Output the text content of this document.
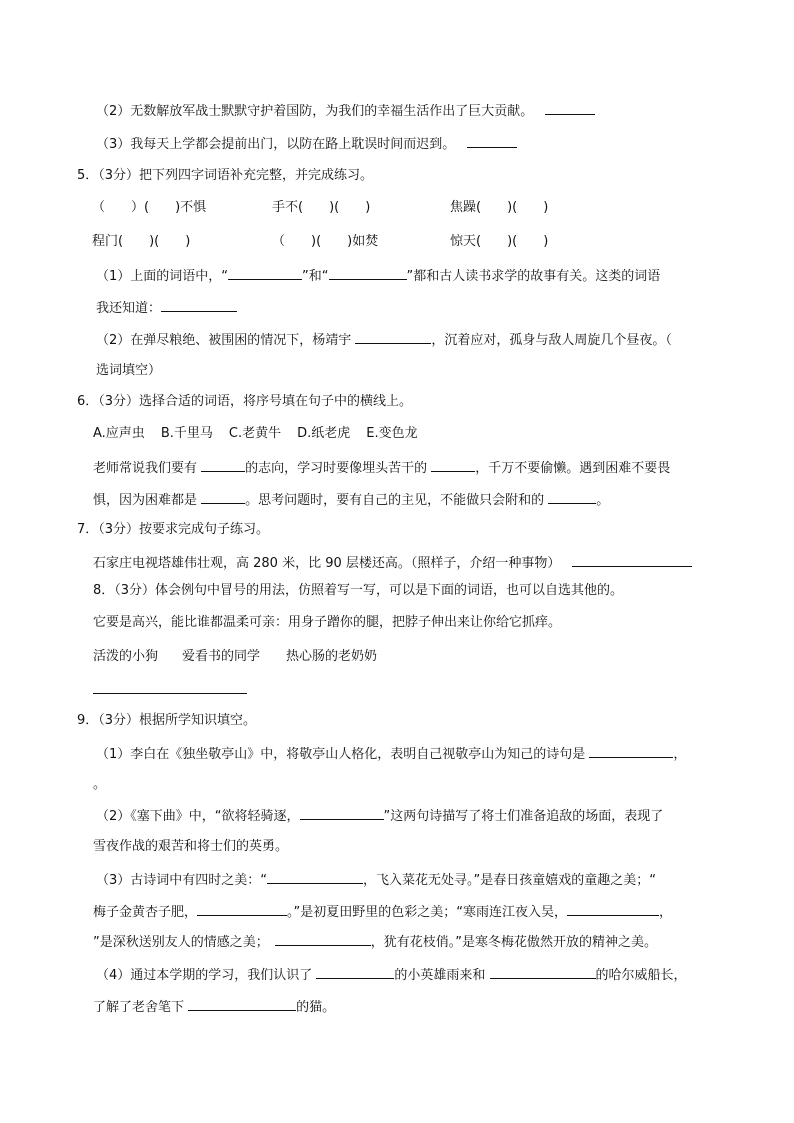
（2）无数解放军战士默默守护着国防，为我们的幸福生活作出了巨大贡献。
（3）我每天上学都会提前出门，以防在路上耽误时间而迟到。
5．（3分）把下列四字词语补充完整，并完成练习。
（　　）(　　)不惧	手不(　　)(　　)	焦躁(　　)(　　)
程门(　　)(　　)	（　　)(　　)如焚	惊天(　　)(　　)
（1）上面的词语中，“	”和“	”都和古人读书求学的故事有关。这类的词语
我还知道：
（2）在弹尽粮绝、被围困的情况下，杨靖宇	，沉着应对，孤身与敌人周旋几个昼夜。（
选词填空）
6．（3分）选择合适的词语，将序号填在句子中的横线上。
A.应声虫 B.千里马 C.老黄牛 D.纸老虎 E.变色龙
老师常说我们要有	的志向，学习时要像埋头苦干的	，千万不要偷懒。遇到困难不要畏
惧，因为困难都是	。思考问题时，要有自己的主见，不能做只会附和的	。
7．（3分）按要求完成句子练习。
石家庄电视塔雄伟壮观，高 280 米，比 90 层楼还高。（照样子，介绍一种事物）
8．（3分）体会例句中冒号的用法，仿照着写一写，可以是下面的词语，也可以自选其他的。
它要是高兴，能比谁都温柔可亲：用身子蹭你的腿，把脖子伸出来让你给它抓痒。
活泼的小狗 爱看书的同学 热心肠的老奶奶
9．（3分）根据所学知识填空。
（1）李白在《独坐敬亭山》中，将敬亭山人格化，表明自己视敬亭山为知己的诗句是	，
。
（2）《塞下曲》中，“欲将轻骑逐，	”这两句诗描写了将士们准备追敌的场面，表现了
雪夜作战的艰苦和将士们的英勇。
（3）古诗词中有四时之美：“	，飞入菜花无处寻。”是春日孩童嬉戏的童趣之美；“
梅子金黄杏子肥，	。”是初夏田野里的色彩之美；“寒雨连江夜入吴，	，
”是深秋送别友人的情感之美；	，犹有花枝俏。”是寒冬梅花傲然开放的精神之美。
（4）通过本学期的学习，我们认识了	的小英雄雨来和	的哈尔威船长，
了解了老舍笔下	的猫。
